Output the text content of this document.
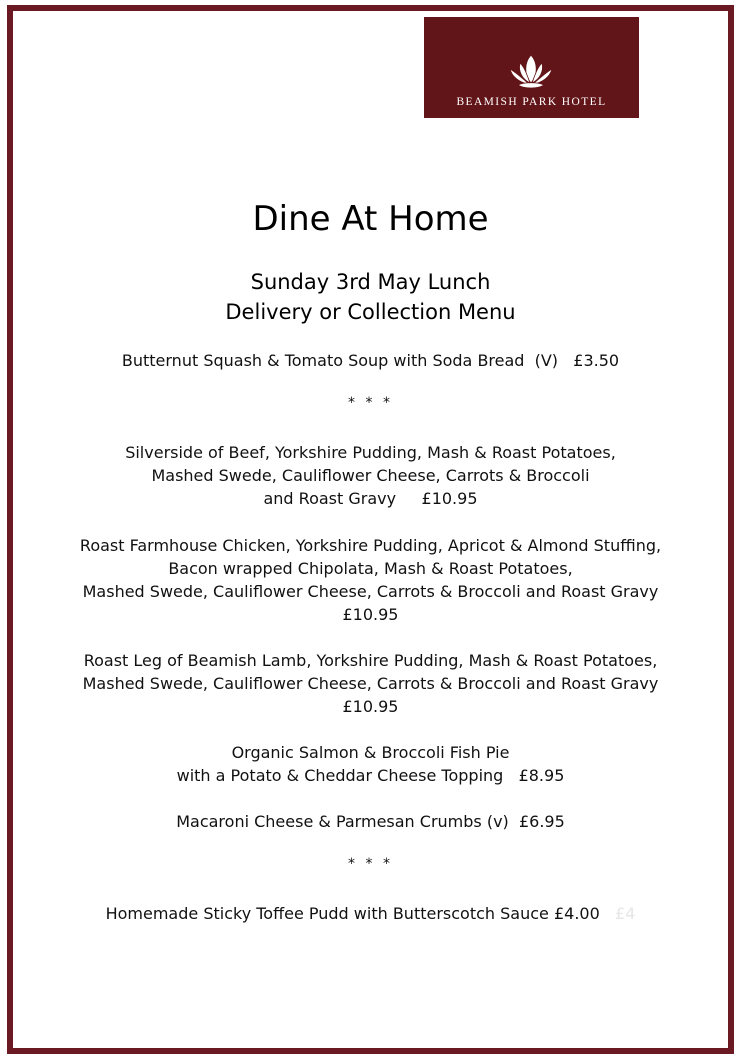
BEAMISH PARK HOTEL
Dine At Home
Sunday 3rd May Lunch
Delivery or Collection Menu
Butternut Squash & Tomato Soup with Soda Bread  (V)   £3.50
* * *
Silverside of Beef, Yorkshire Pudding, Mash & Roast Potatoes,
Mashed Swede, Cauliflower Cheese, Carrots & Broccoli
and Roast Gravy     £10.95
Roast Farmhouse Chicken, Yorkshire Pudding, Apricot & Almond Stuffing,
Bacon wrapped Chipolata, Mash & Roast Potatoes,
Mashed Swede, Cauliflower Cheese, Carrots & Broccoli and Roast Gravy
£10.95
Roast Leg of Beamish Lamb, Yorkshire Pudding, Mash & Roast Potatoes,
Mashed Swede, Cauliflower Cheese, Carrots & Broccoli and Roast Gravy
£10.95
Organic Salmon & Broccoli Fish Pie
with a Potato & Cheddar Cheese Topping   £8.95
Macaroni Cheese & Parmesan Crumbs (v)  £6.95
* * *
Homemade Sticky Toffee Pudd with Butterscotch Sauce £4.00 £4
